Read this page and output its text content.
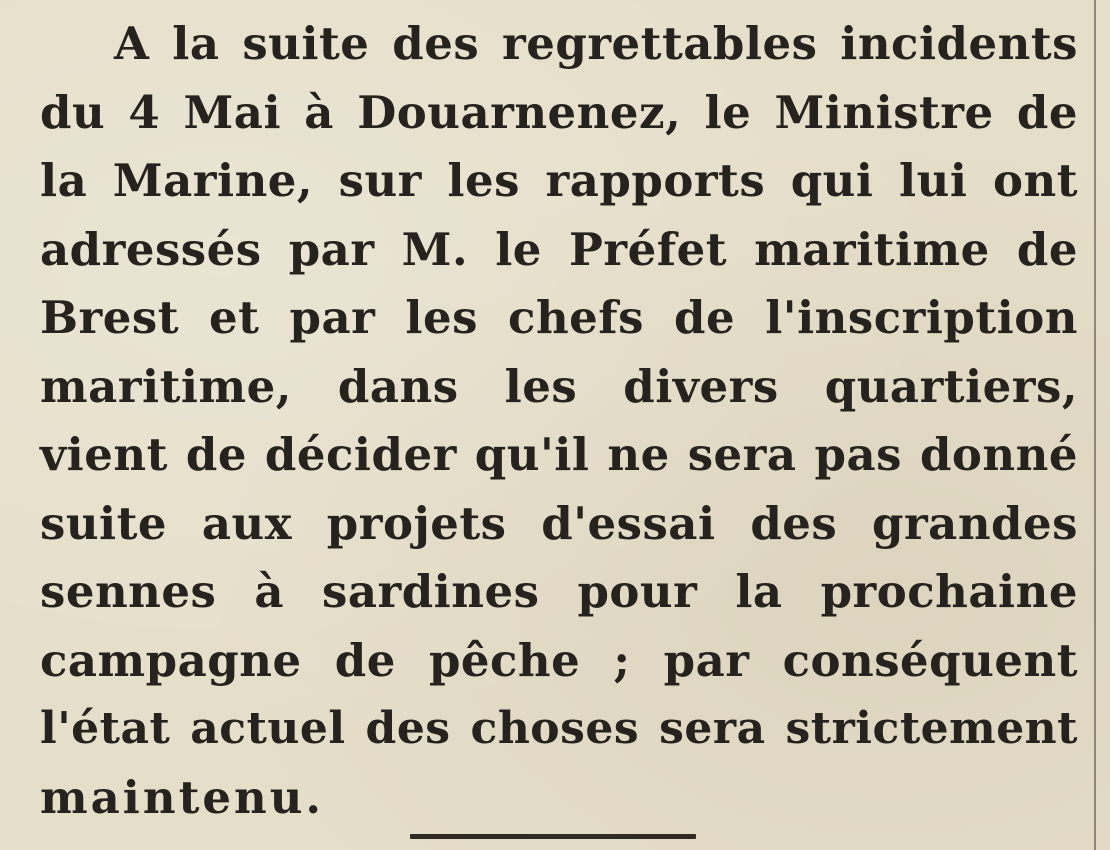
A la suite des regrettables incidents
du 4 Mai à Douarnenez, le Ministre de
la Marine, sur les rapports qui lui ont
adressés par M. le Préfet maritime de
Brest et par les chefs de l'inscription
maritime, dans les divers quartiers,
vient de décider qu'il ne sera pas donné
suite aux projets d'essai des grandes
sennes à sardines pour la prochaine
campagne de pêche ; par conséquent
l'état actuel des choses sera strictement
maintenu.
